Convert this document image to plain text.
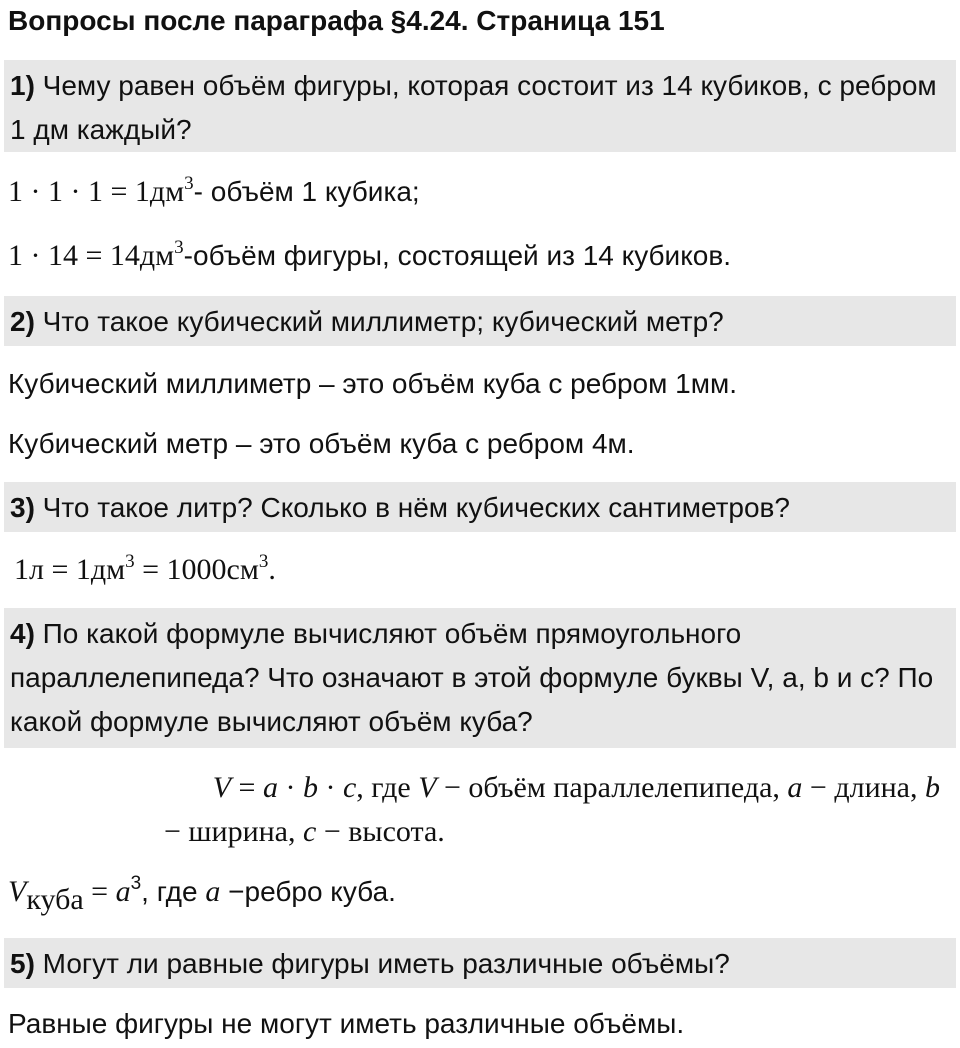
Вопросы после параграфа §4.24. Страница 151
1) Чему равен объём фигуры, которая состоит из 14 кубиков, с ребром 1 дм каждый?
$1 \cdot 1 \cdot 1 = 1дм^3-$ объём 1 кубика;
$1 \cdot 14 = 14дм^3$-объём фигуры, состоящей из 14 кубиков.
2) Что такое кубический миллиметр; кубический метр?
Кубический миллиметр – это объём куба с ребром 1мм.
Кубический метр – это объём куба с ребром 4м.
3) Что такое литр? Сколько в нём кубических сантиметров?
$1л = 1дм^3 = 1000см^3$.
4) По какой формуле вычисляют объём прямоугольного параллелепипеда? Что означают в этой формуле буквы V, a, b и c? По какой формуле вычисляют объём куба?
V = a · b · c, где V − объём параллелепипеда, a − длина, b
− ширина, c − высота.
$V_{куба} = a^3$, где a −ребро куба.
5) Могут ли равные фигуры иметь различные объёмы?
Равные фигуры не могут иметь различные объёмы.
